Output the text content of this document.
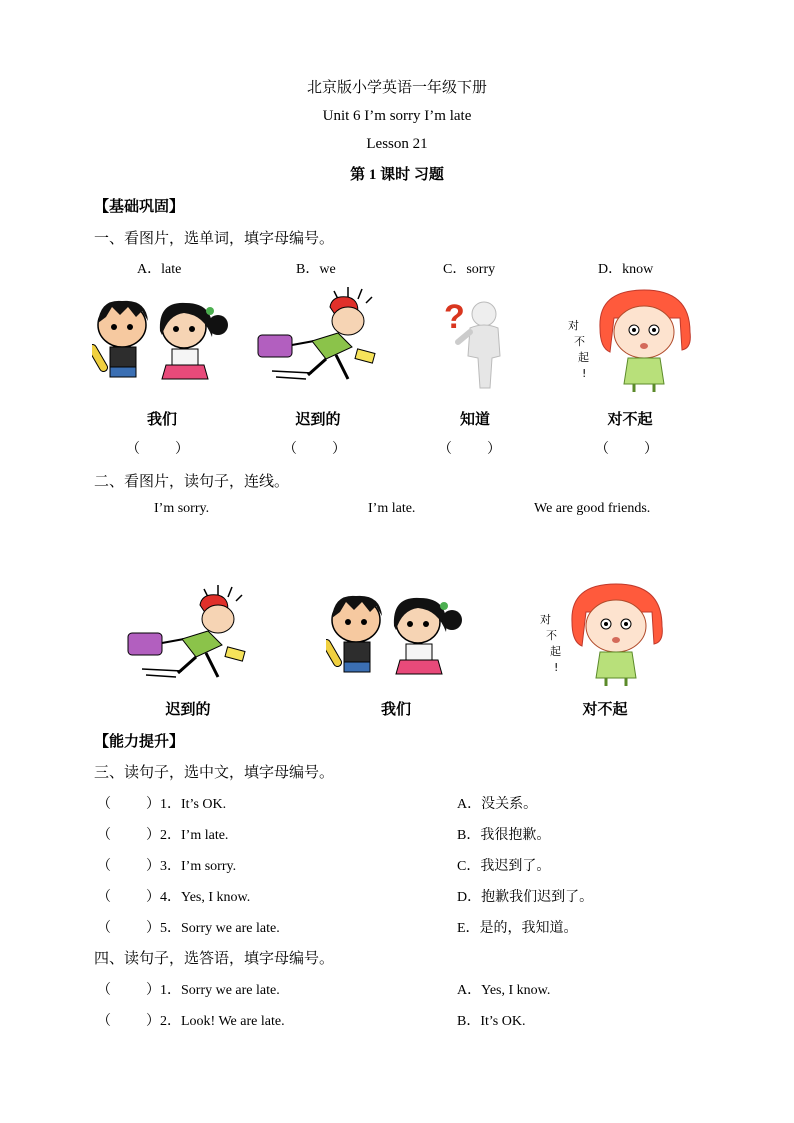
北京版小学英语一年级下册
Unit 6 I’m sorry I’m late
Lesson 21
第 1 课时 习题
【基础巩固】
一、看图片，选单词，填字母编号。
A．late	B．we	C．sorry	D．know
?	对
不
起
!
我们	迟到的	知道	对不起
（          ）	（          ）	（          ）	（          ）
二、看图片，读句子，连线。
I’m sorry.	I’m late.	We are good friends.
对
不
起
!
迟到的	我们	对不起
【能力提升】
三、读句子，选中文，填字母编号。
（          ）1．It’s OK.
（          ）2．I’m late.
（          ）3．I’m sorry.
（          ）4．Yes, I know.
（          ）5．Sorry we are late.
A．没关系。
B．我很抱歉。
C．我迟到了。
D．抱歉我们迟到了。
E．是的，我知道。
四、读句子，选答语，填字母编号。
（          ）1．Sorry we are late.
（          ）2．Look! We are late.
A．Yes, I know.
B．It’s OK.
